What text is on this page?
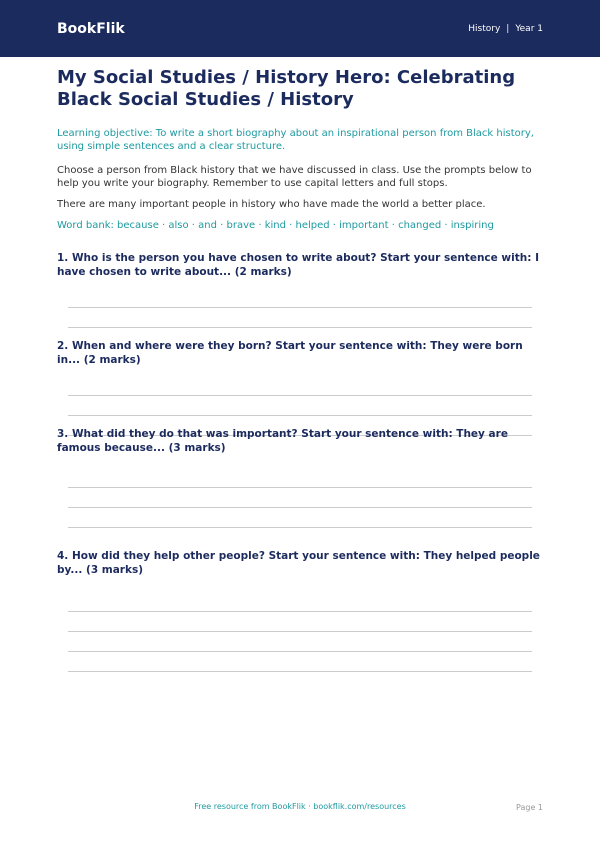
BookFlik	History | Year 1
My Social Studies / History Hero: Celebrating Black Social Studies / History

Learning objective: To write a short biography about an inspirational person from Black history, using simple sentences and a clear structure.

Choose a person from Black history that we have discussed in class. Use the prompts below to help you write your biography. Remember to use capital letters and full stops.

There are many important people in history who have made the world a better place.

Word bank: because · also · and · brave · kind · helped · important · changed · inspiring

1. Who is the person you have chosen to write about? Start your sentence with: I have chosen to write about... (2 marks)

2. When and where were they born? Start your sentence with: They were born in... (2 marks)

3. What did they do that was important? Start your sentence with: They are famous because... (3 marks)

4. How did they help other people? Start your sentence with: They helped people by... (3 marks)

Free resource from BookFlik · bookflik.com/resources	Page 1
